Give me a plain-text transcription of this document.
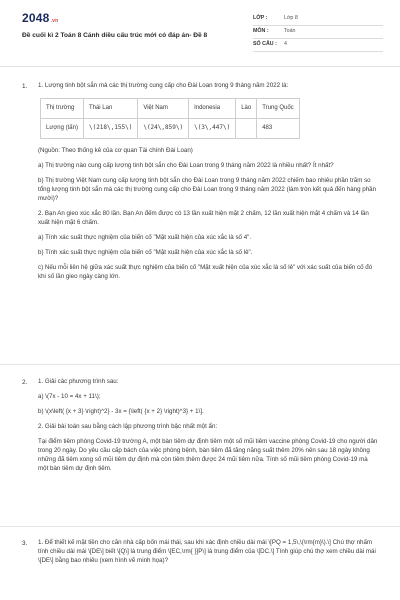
2048.vn
Đề cuối kì 2 Toán 8 Cánh diều cấu trúc mới có đáp án- Đề 8
LỚP :	Lớp 8
MÔN :	Toán
SỐ CÂU :	4
1. 1. Lượng tinh bột sắn mà các thị trường cung cấp cho Đài Loan trong 9 tháng năm 2022 là:
Thị trường	Thái Lan	Việt Nam	Indonesia	Lào	Trung Quốc
Lượng (tấn)	\(218\,155\)	\(24\,859\)	\(3\,447\)		483
(Nguồn: Theo thống kê của cơ quan Tài chính Đài Loan)
a) Thị trường nào cung cấp lượng tinh bột sắn cho Đài Loan trong 9 tháng năm 2022 là nhiều nhất? Ít nhất?
b) Thị trường Việt Nam cung cấp lượng tinh bột sắn cho Đài Loan trong 9 tháng năm 2022 chiếm bao nhiêu phần trăm so tổng lượng tinh bột sắn mà các thị trường cung cấp cho Đài Loan trong 9 tháng năm 2022 (làm tròn kết quả đến hàng phần mười)?
2. Bạn An gieo xúc xắc 80 lần. Bạn An đếm được có 13 lần xuất hiện mặt 2 chấm, 12 lần xuất hiện mặt 4 chấm và 14 lần xuất hiện mặt 6 chấm.
a) Tính xác suất thực nghiệm của biến cố "Mặt xuất hiện của xúc xắc là số 4".
b) Tính xác suất thực nghiệm của biến cố "Mặt xuất hiện của xúc xắc là số lẻ".
c) Nếu mỗi liên hệ giữa xác suất thực nghiệm của biến cố "Mặt xuất hiện của xúc xắc là số lẻ" với xác suất của biến cố đó khi số lần gieo ngày càng lớn.
2. 1. Giải các phương trình sau:
a) \(7x - 10 = 4x + 11\);
b) \(x\left( {x + 3} \right)^2} - 3x = {\left( {x + 2} \right)^3} + 1\].
2. Giải bài toán sau bằng cách lập phương trình bậc nhất một ẩn:
Tại điểm tiêm phòng Covid-19 trường A, một bàn tiêm dự định tiêm một số mũi tiêm vaccine phòng Covid-19 cho người dân trong 20 ngày. Do yêu cầu cấp bách của việc phòng bệnh, bàn tiêm đã tăng năng suất thêm 20% nên sau 18 ngày không những đã tiêm xong số mũi tiêm dự định mà còn tiêm thêm được 24 mũi tiêm nữa. Tính số mũi tiêm phòng Covid-19 mà một bàn tiêm dự định tiêm.
3. 1. Để thiết kế mặt tiền cho căn nhà cấp bốn mái thái, sau khi xác định chiều dài mái \[PQ = 1,5\,\(\rm{m}\).\] Chú thợ nhấm tính chiều dài mái \[DE\] biết \[Q\] là trung điểm \[EC,\rm{ }]P\] là trung điểm của \[DC.\] Tính giúp chú thợ xem chiều dài mái \[DE\] bằng bao nhiêu (xem hình vẽ minh họa)?
